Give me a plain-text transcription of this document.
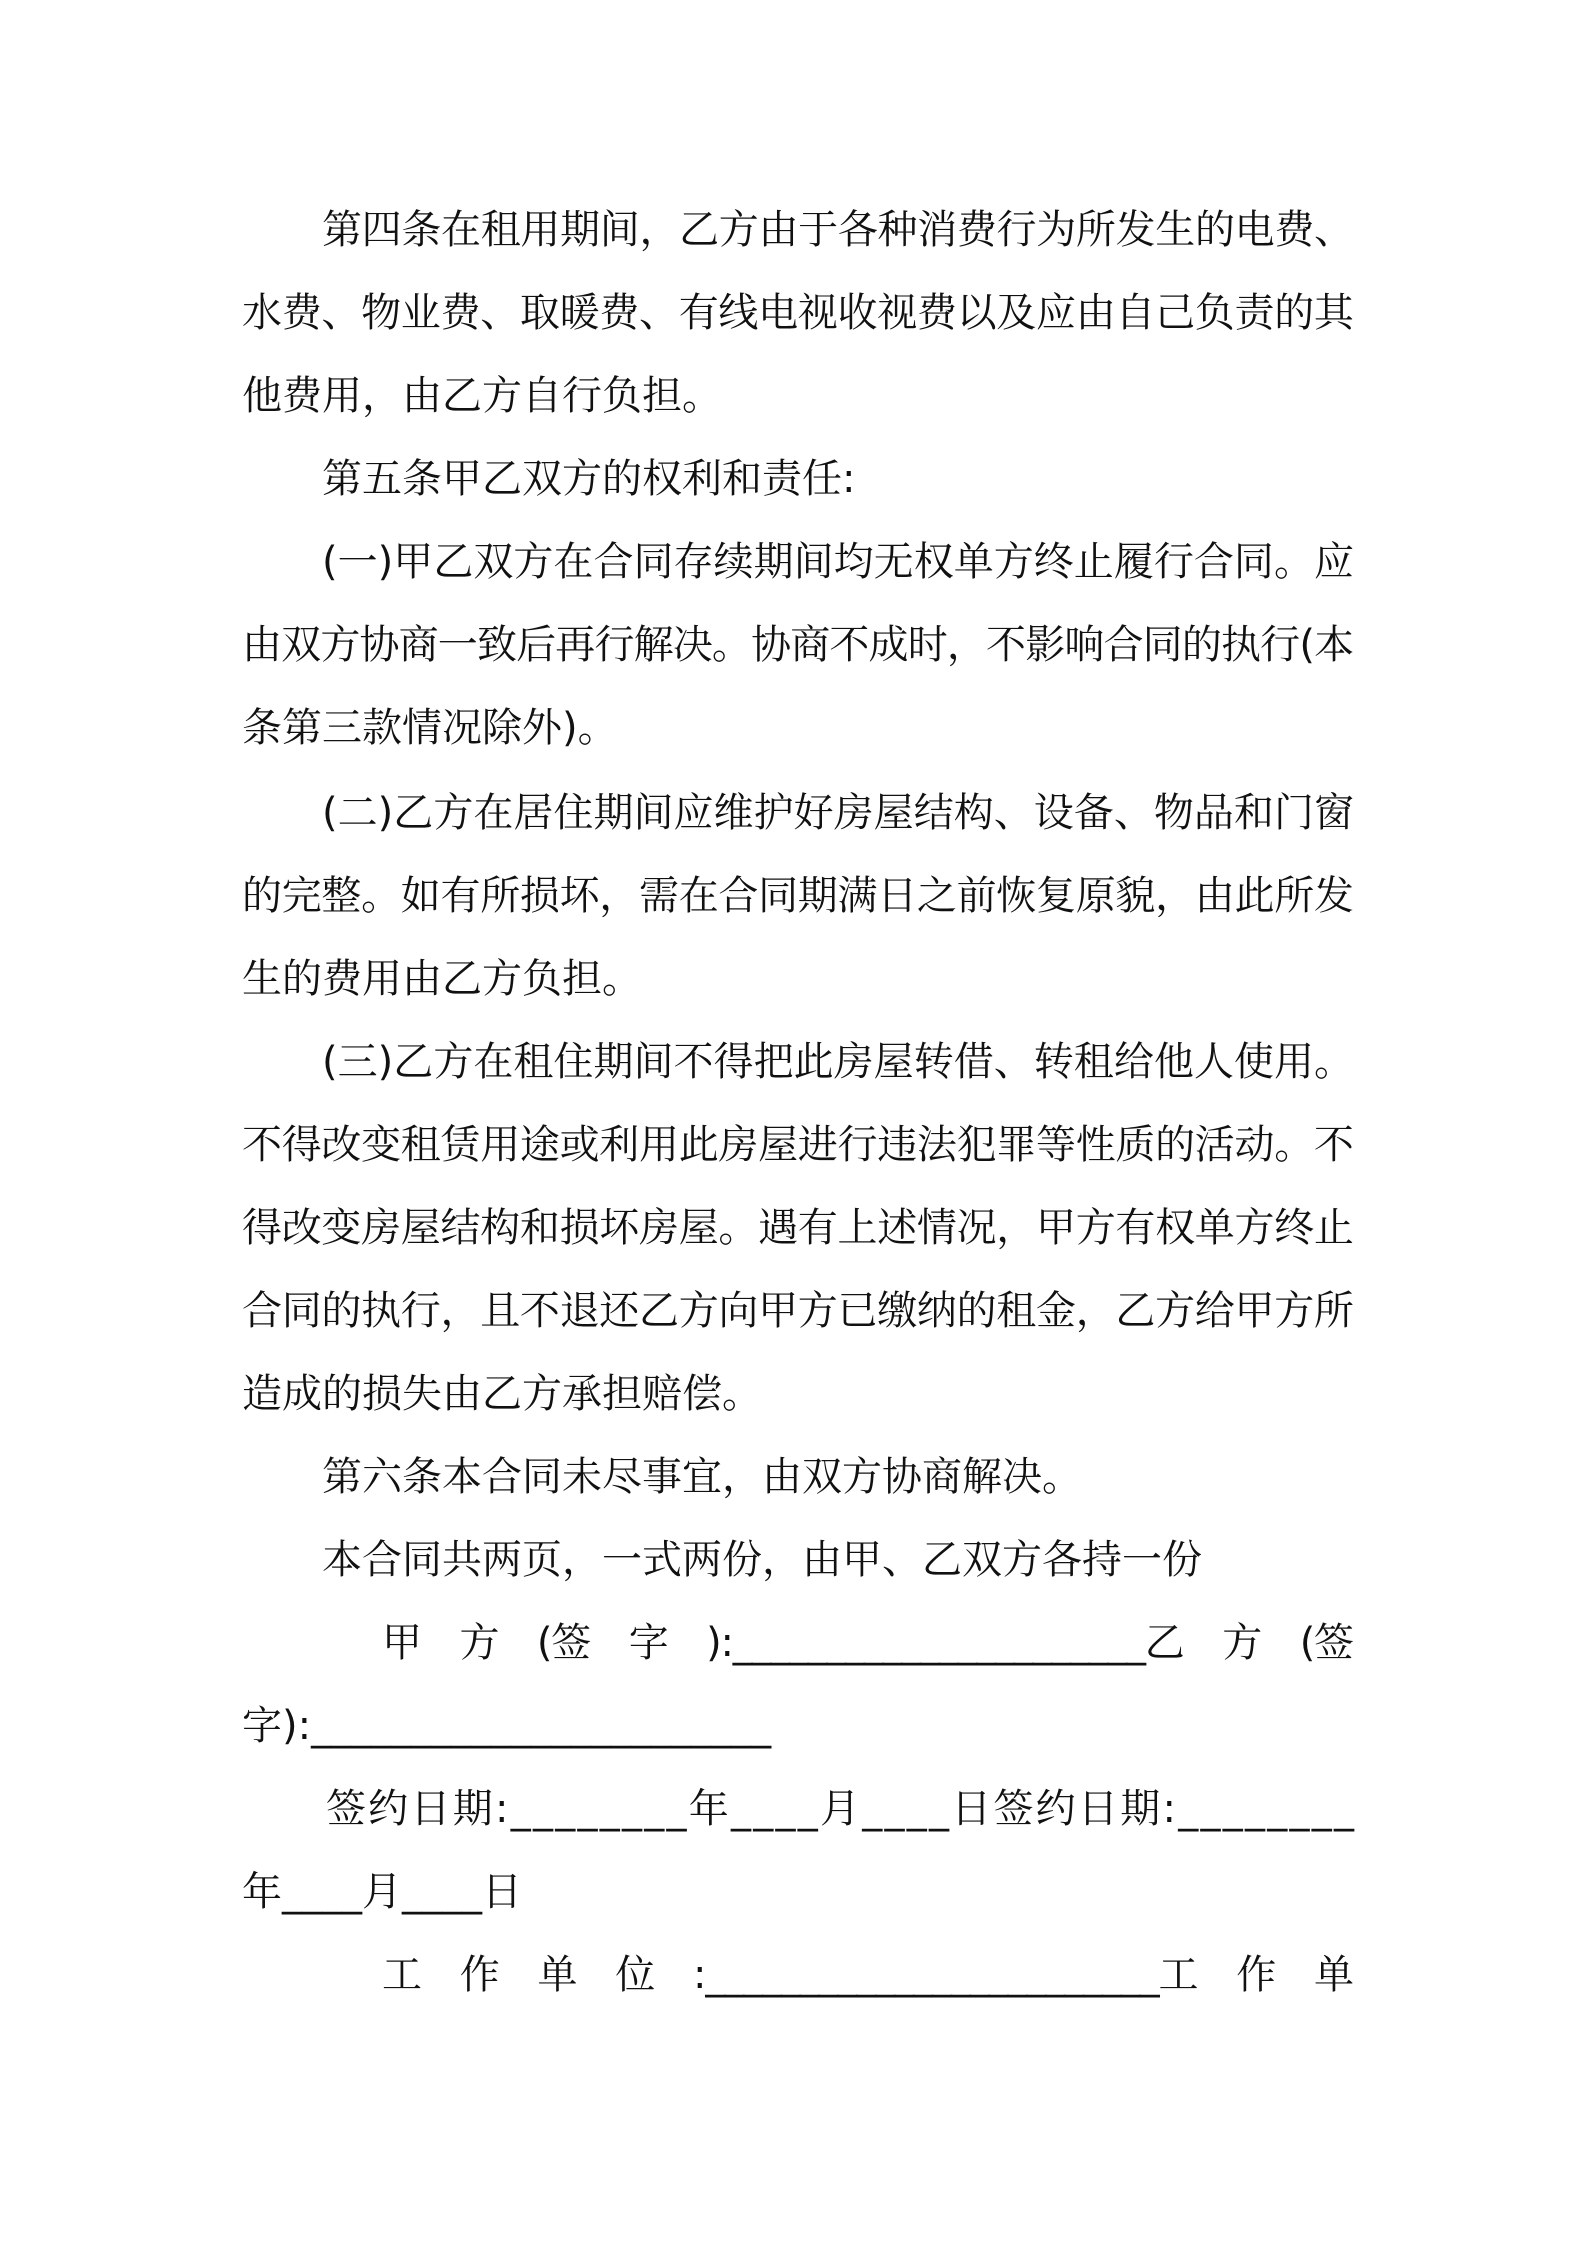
第四条在租用期间，乙方由于各种消费行为所发生的电费、

水费、物业费、取暖费、有线电视收视费以及应由自己负责的其

他费用，由乙方自行负担。

第五条甲乙双方的权利和责任:

(一)甲乙双方在合同存续期间均无权单方终止履行合同。应

由双方协商一致后再行解决。协商不成时，不影响合同的执行(本

条第三款情况除外)。

(二)乙方在居住期间应维护好房屋结构、设备、物品和门窗

的完整。如有所损坏，需在合同期满日之前恢复原貌，由此所发

生的费用由乙方负担。

(三)乙方在租住期间不得把此房屋转借、转租给他人使用。

不得改变租赁用途或利用此房屋进行违法犯罪等性质的活动。不

得改变房屋结构和损坏房屋。遇有上述情况，甲方有权单方终止

合同的执行，且不退还乙方向甲方已缴纳的租金，乙方给甲方所

造成的损失由乙方承担赔偿。

第六条本合同未尽事宜，由双方协商解决。

本合同共两页，一式两份，由甲、乙双方各持一份

甲　方　(签　字　):______________________乙　方　(签

字):_______________________

签约日期:________年____月____日签约日期:________

年____月____日

工　作　单　位　:________________________工　作　单
